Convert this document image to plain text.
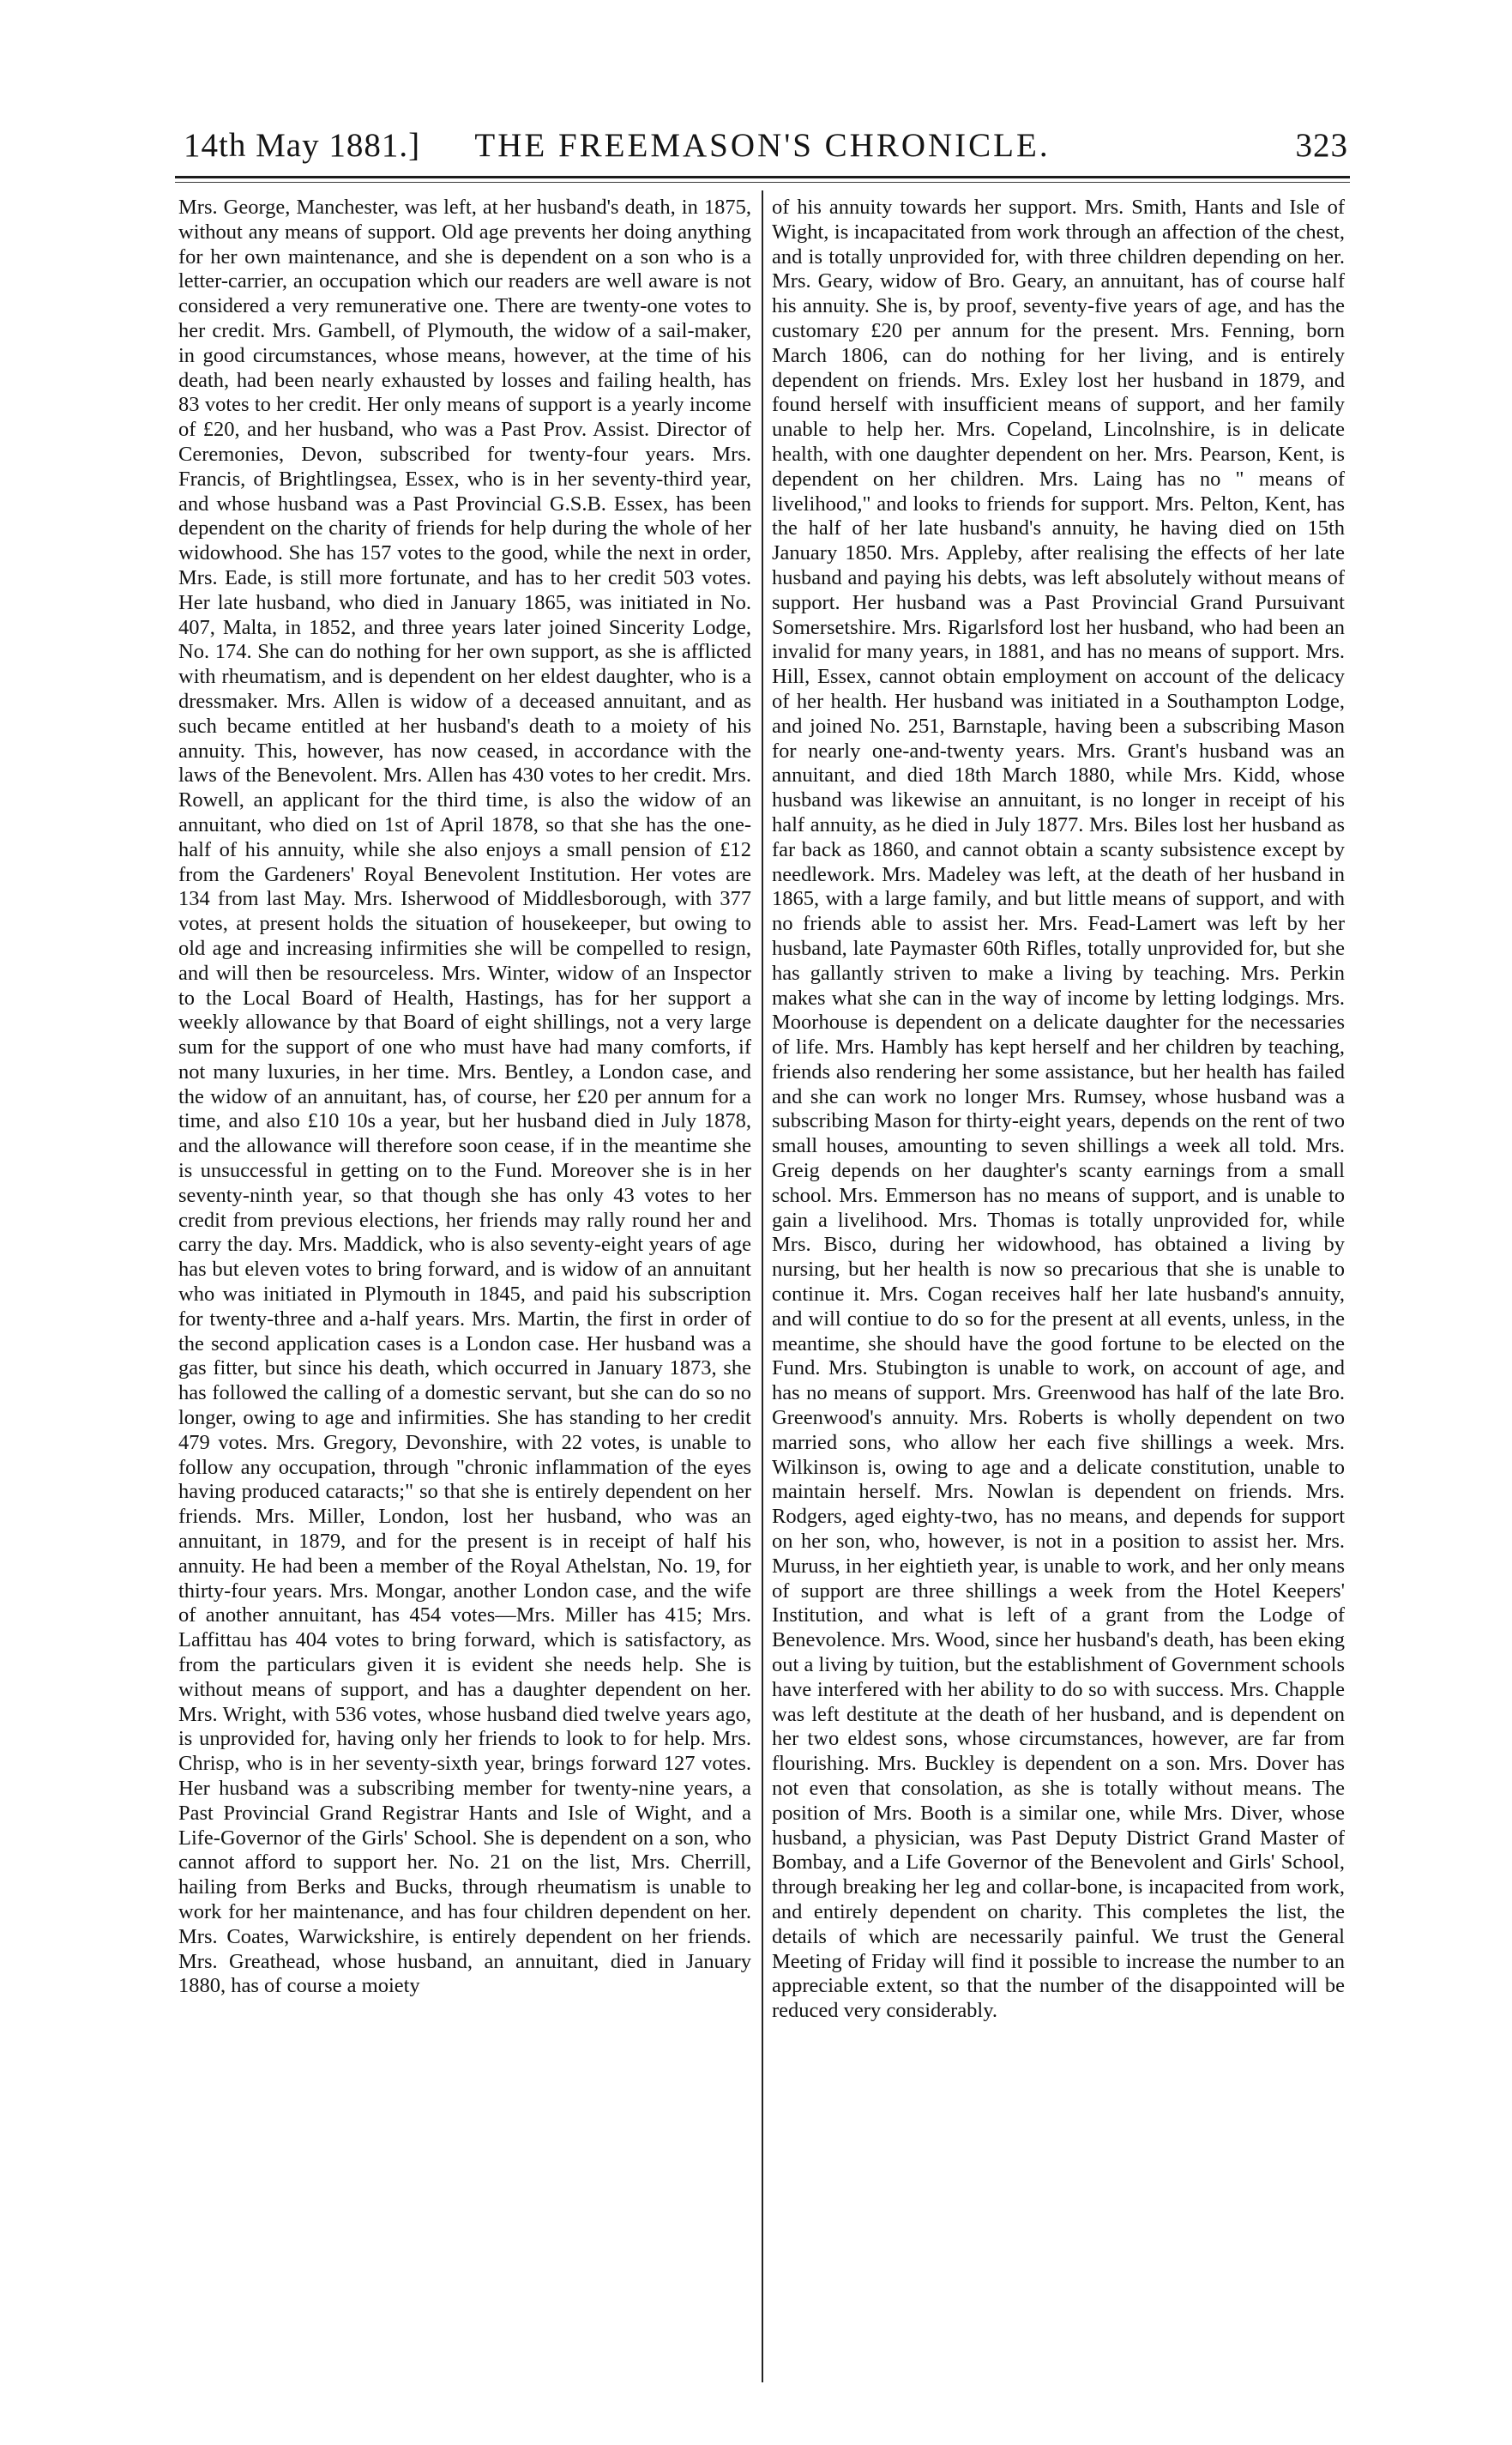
14th May 1881.]	THE FREEMASON'S CHRONICLE.	323

Mrs. George, Manchester, was left, at her husband's death, in 1875, without any means of support. Old age prevents her doing anything for her own maintenance, and she is dependent on a son who is a letter-carrier, an occupation which our readers are well aware is not considered a very remunerative one. There are twenty-one votes to her credit. Mrs. Gambell, of Plymouth, the widow of a sail-maker, in good circumstances, whose means, however, at the time of his death, had been nearly exhausted by losses and failing health, has 83 votes to her credit. Her only means of support is a yearly income of £20, and her husband, who was a Past Prov. Assist. Director of Ceremonies, Devon, subscribed for twenty-four years. Mrs. Francis, of Brightlingsea, Essex, who is in her seventy-third year, and whose husband was a Past Provincial G.S.B. Essex, has been dependent on the charity of friends for help during the whole of her widowhood. She has 157 votes to the good, while the next in order, Mrs. Eade, is still more fortunate, and has to her credit 503 votes. Her late husband, who died in January 1865, was initiated in No. 407, Malta, in 1852, and three years later joined Sincerity Lodge, No. 174. She can do nothing for her own support, as she is afflicted with rheumatism, and is dependent on her eldest daughter, who is a dressmaker. Mrs. Allen is widow of a deceased annuitant, and as such became entitled at her husband's death to a moiety of his annuity. This, however, has now ceased, in accordance with the laws of the Benevolent. Mrs. Allen has 430 votes to her credit. Mrs. Rowell, an applicant for the third time, is also the widow of an annuitant, who died on 1st of April 1878, so that she has the one-half of his annuity, while she also enjoys a small pension of £12 from the Gardeners' Royal Benevolent Institution. Her votes are 134 from last May. Mrs. Isherwood of Middlesborough, with 377 votes, at present holds the situation of housekeeper, but owing to old age and increasing infirmities she will be compelled to resign, and will then be resourceless. Mrs. Winter, widow of an Inspector to the Local Board of Health, Hastings, has for her support a weekly allowance by that Board of eight shillings, not a very large sum for the support of one who must have had many comforts, if not many luxuries, in her time. Mrs. Bentley, a London case, and the widow of an annuitant, has, of course, her £20 per annum for a time, and also £10 10s a year, but her husband died in July 1878, and the allowance will therefore soon cease, if in the meantime she is unsuccessful in getting on to the Fund. Moreover she is in her seventy-ninth year, so that though she has only 43 votes to her credit from previous elections, her friends may rally round her and carry the day. Mrs. Maddick, who is also seventy-eight years of age has but eleven votes to bring forward, and is widow of an annuitant who was initiated in Plymouth in 1845, and paid his subscription for twenty-three and a-half years. Mrs. Martin, the first in order of the second application cases is a London case. Her husband was a gas fitter, but since his death, which occurred in January 1873, she has followed the calling of a domestic servant, but she can do so no longer, owing to age and infirmities. She has standing to her credit 479 votes. Mrs. Gregory, Devonshire, with 22 votes, is unable to follow any occupation, through "chronic inflammation of the eyes having produced cataracts;" so that she is entirely dependent on her friends. Mrs. Miller, London, lost her husband, who was an annuitant, in 1879, and for the present is in receipt of half his annuity. He had been a member of the Royal Athelstan, No. 19, for thirty-four years. Mrs. Mongar, another London case, and the wife of another annuitant, has 454 votes—Mrs. Miller has 415; Mrs. Laffittau has 404 votes to bring forward, which is satisfactory, as from the particulars given it is evident she needs help. She is without means of support, and has a daughter dependent on her. Mrs. Wright, with 536 votes, whose husband died twelve years ago, is unprovided for, having only her friends to look to for help. Mrs. Chrisp, who is in her seventy-sixth year, brings forward 127 votes. Her husband was a subscribing member for twenty-nine years, a Past Provincial Grand Registrar Hants and Isle of Wight, and a Life-Governor of the Girls' School. She is dependent on a son, who cannot afford to support her. No. 21 on the list, Mrs. Cherrill, hailing from Berks and Bucks, through rheumatism is unable to work for her maintenance, and has four children dependent on her. Mrs. Coates, Warwickshire, is entirely dependent on her friends. Mrs. Greathead, whose husband, an annuitant, died in January 1880, has of course a moiety

of his annuity towards her support. Mrs. Smith, Hants and Isle of Wight, is incapacitated from work through an affection of the chest, and is totally unprovided for, with three children depending on her. Mrs. Geary, widow of Bro. Geary, an annuitant, has of course half his annuity. She is, by proof, seventy-five years of age, and has the customary £20 per annum for the present. Mrs. Fenning, born March 1806, can do nothing for her living, and is entirely dependent on friends. Mrs. Exley lost her husband in 1879, and found herself with insufficient means of support, and her family unable to help her. Mrs. Copeland, Lincolnshire, is in delicate health, with one daughter dependent on her. Mrs. Pearson, Kent, is dependent on her children. Mrs. Laing has no " means of livelihood," and looks to friends for support. Mrs. Pelton, Kent, has the half of her late husband's annuity, he having died on 15th January 1850. Mrs. Appleby, after realising the effects of her late husband and paying his debts, was left absolutely without means of support. Her husband was a Past Provincial Grand Pursuivant Somersetshire. Mrs. Rigarlsford lost her husband, who had been an invalid for many years, in 1881, and has no means of support. Mrs. Hill, Essex, cannot obtain employment on account of the delicacy of her health. Her husband was initiated in a Southampton Lodge, and joined No. 251, Barnstaple, having been a subscribing Mason for nearly one-and-twenty years. Mrs. Grant's husband was an annuitant, and died 18th March 1880, while Mrs. Kidd, whose husband was likewise an annuitant, is no longer in receipt of his half annuity, as he died in July 1877. Mrs. Biles lost her husband as far back as 1860, and cannot obtain a scanty subsistence except by needlework. Mrs. Madeley was left, at the death of her husband in 1865, with a large family, and but little means of support, and with no friends able to assist her. Mrs. Fead-Lamert was left by her husband, late Paymaster 60th Rifles, totally unprovided for, but she has gallantly striven to make a living by teaching. Mrs. Perkin makes what she can in the way of income by letting lodgings. Mrs. Moorhouse is dependent on a delicate daughter for the necessaries of life. Mrs. Hambly has kept herself and her children by teaching, friends also rendering her some assistance, but her health has failed and she can work no longer Mrs. Rumsey, whose husband was a subscribing Mason for thirty-eight years, depends on the rent of two small houses, amounting to seven shillings a week all told. Mrs. Greig depends on her daughter's scanty earnings from a small school. Mrs. Emmerson has no means of support, and is unable to gain a livelihood. Mrs. Thomas is totally unprovided for, while Mrs. Bisco, during her widowhood, has obtained a living by nursing, but her health is now so precarious that she is unable to continue it. Mrs. Cogan receives half her late husband's annuity, and will contiue to do so for the present at all events, unless, in the meantime, she should have the good fortune to be elected on the Fund. Mrs. Stubington is unable to work, on account of age, and has no means of support. Mrs. Greenwood has half of the late Bro. Greenwood's annuity. Mrs. Roberts is wholly dependent on two married sons, who allow her each five shillings a week. Mrs. Wilkinson is, owing to age and a delicate constitution, unable to maintain herself. Mrs. Nowlan is dependent on friends. Mrs. Rodgers, aged eighty-two, has no means, and depends for support on her son, who, however, is not in a position to assist her. Mrs. Muruss, in her eightieth year, is unable to work, and her only means of support are three shillings a week from the Hotel Keepers' Institution, and what is left of a grant from the Lodge of Benevolence. Mrs. Wood, since her husband's death, has been eking out a living by tuition, but the establishment of Government schools have interfered with her ability to do so with success. Mrs. Chapple was left destitute at the death of her husband, and is dependent on her two eldest sons, whose circumstances, however, are far from flourishing. Mrs. Buckley is dependent on a son. Mrs. Dover has not even that consolation, as she is totally without means. The position of Mrs. Booth is a similar one, while Mrs. Diver, whose husband, a physician, was Past Deputy District Grand Master of Bombay, and a Life Governor of the Benevolent and Girls' School, through breaking her leg and collar-bone, is incapacited from work, and entirely dependent on charity. This completes the list, the details of which are necessarily painful. We trust the General Meeting of Friday will find it possible to increase the number to an appreciable extent, so that the number of the disappointed will be reduced very considerably.
